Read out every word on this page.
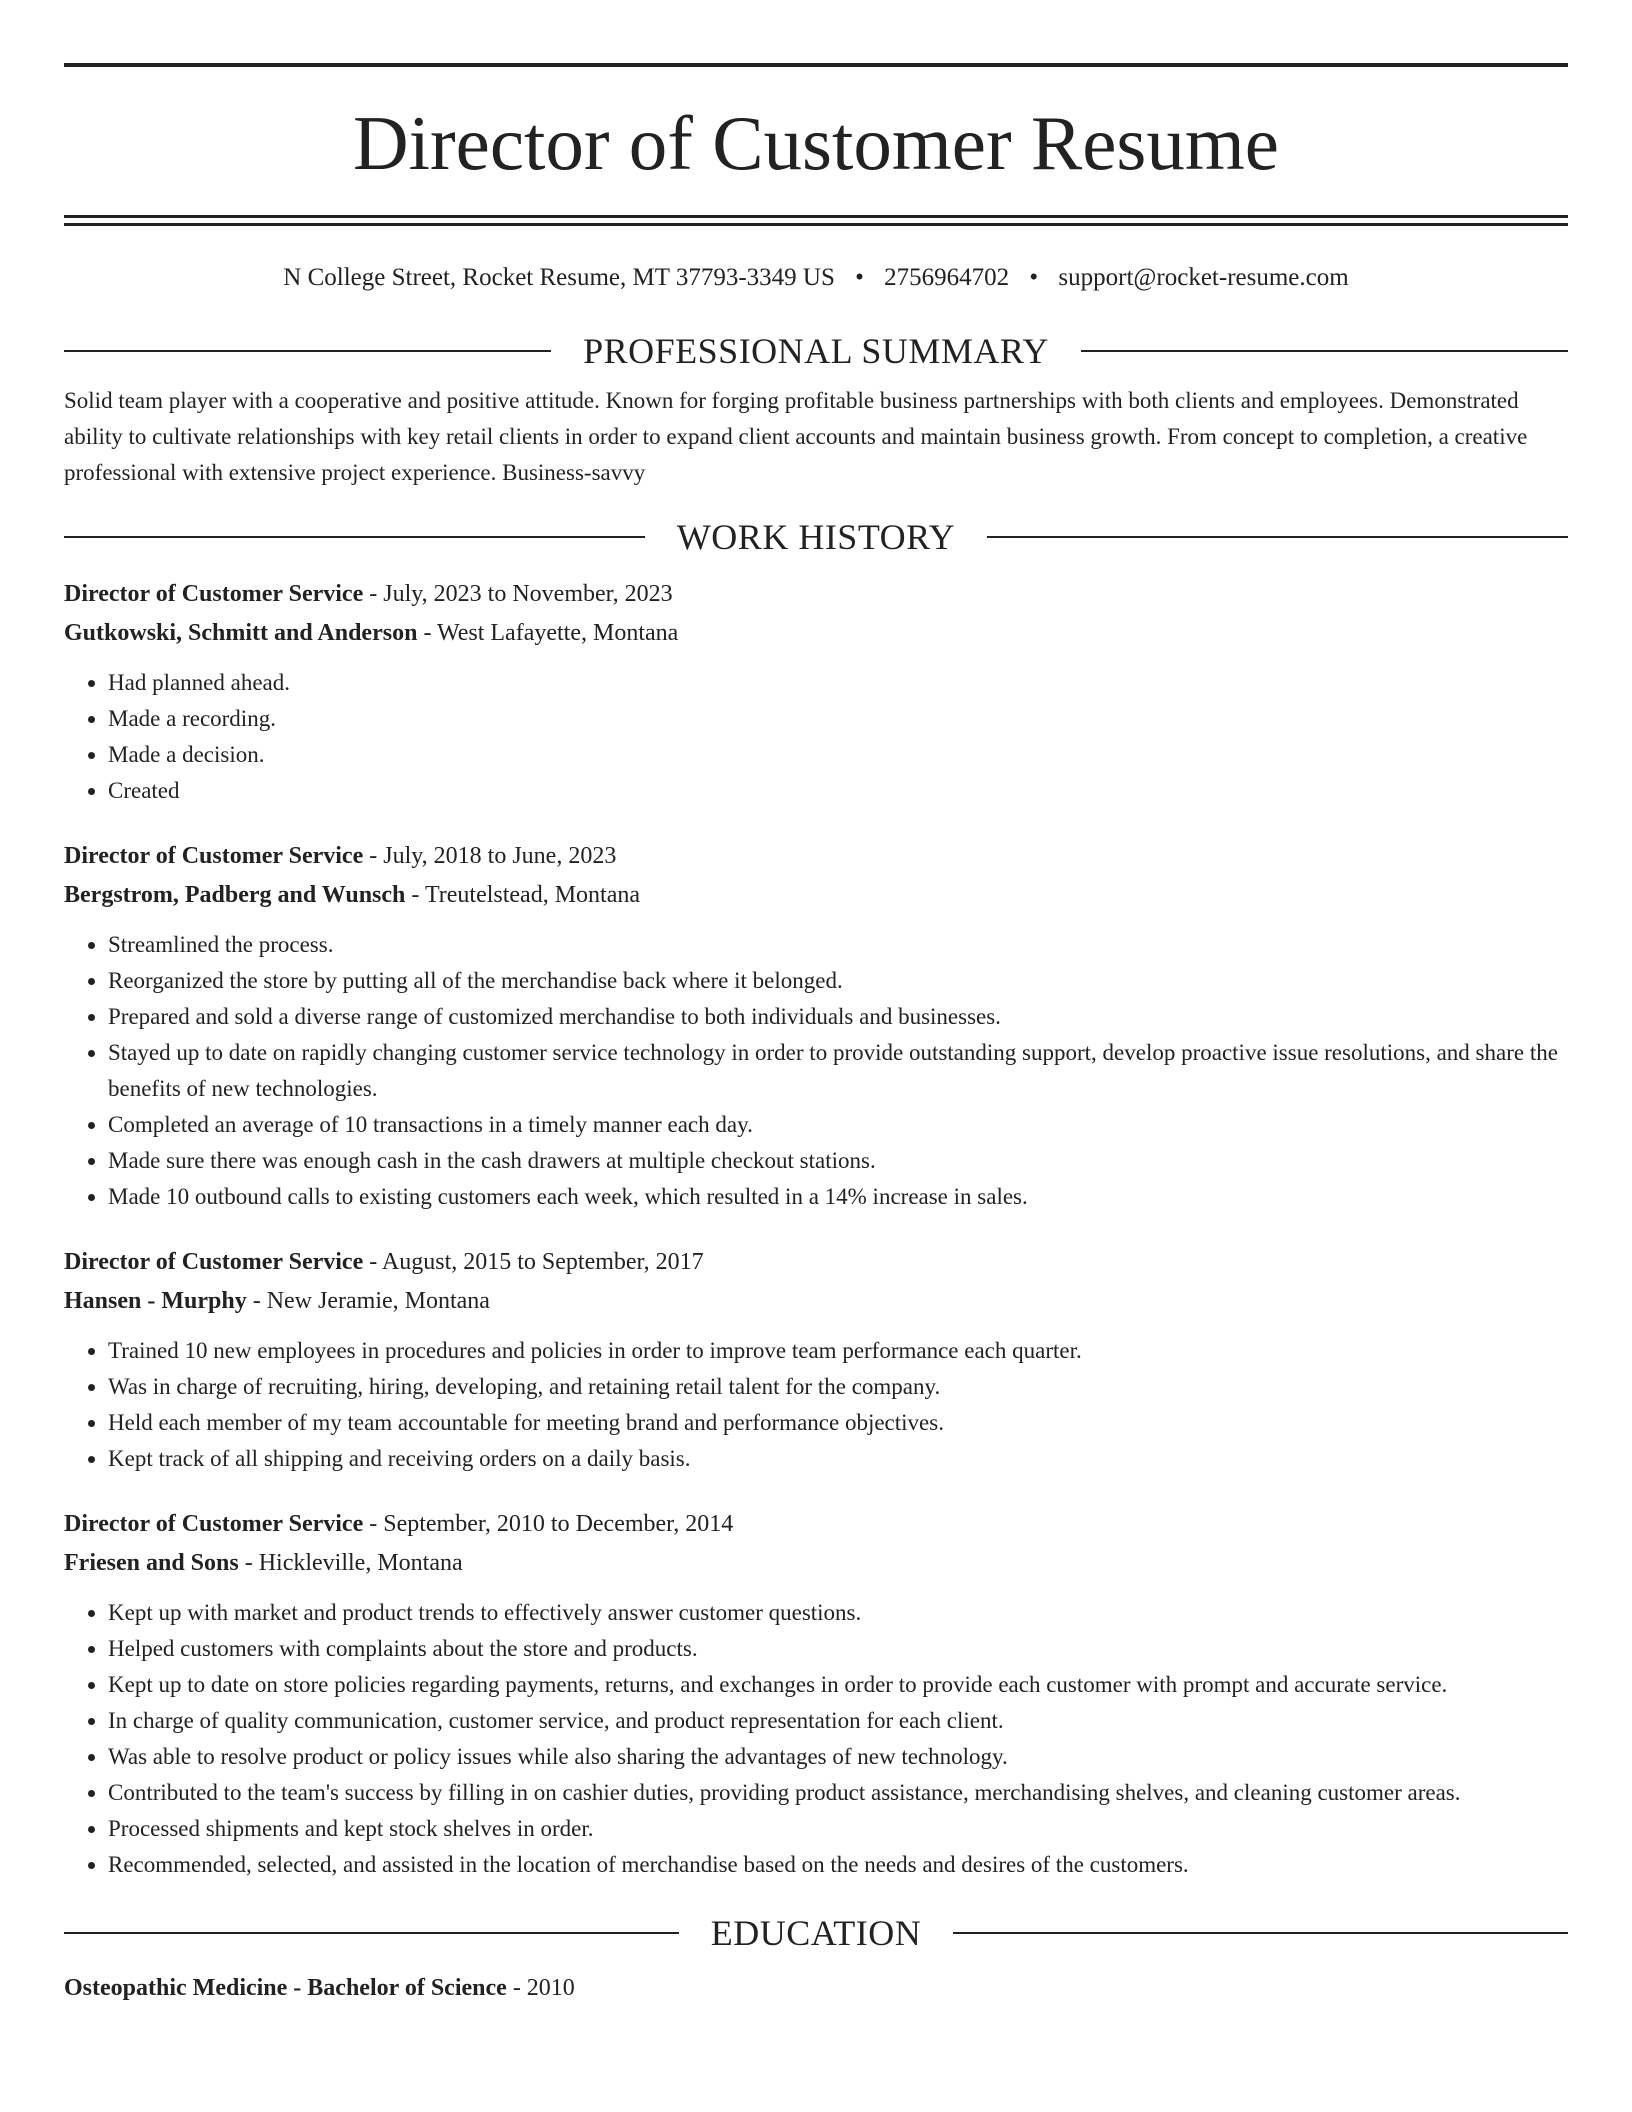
Director of Customer Resume
N College Street, Rocket Resume, MT 37793-3349 US • 2756964702 • support@rocket-resume.com
PROFESSIONAL SUMMARY
Solid team player with a cooperative and positive attitude. Known for forging profitable business partnerships with both clients and employees. Demonstrated ability to cultivate relationships with key retail clients in order to expand client accounts and maintain business growth. From concept to completion, a creative professional with extensive project experience. Business-savvy
WORK HISTORY
Director of Customer Service - July, 2023 to November, 2023
Gutkowski, Schmitt and Anderson - West Lafayette, Montana
• Had planned ahead.
• Made a recording.
• Made a decision.
• Created
Director of Customer Service - July, 2018 to June, 2023
Bergstrom, Padberg and Wunsch - Treutelstead, Montana
• Streamlined the process.
• Reorganized the store by putting all of the merchandise back where it belonged.
• Prepared and sold a diverse range of customized merchandise to both individuals and businesses.
• Stayed up to date on rapidly changing customer service technology in order to provide outstanding support, develop proactive issue resolutions, and share the benefits of new technologies.
• Completed an average of 10 transactions in a timely manner each day.
• Made sure there was enough cash in the cash drawers at multiple checkout stations.
• Made 10 outbound calls to existing customers each week, which resulted in a 14% increase in sales.
Director of Customer Service - August, 2015 to September, 2017
Hansen - Murphy - New Jeramie, Montana
• Trained 10 new employees in procedures and policies in order to improve team performance each quarter.
• Was in charge of recruiting, hiring, developing, and retaining retail talent for the company.
• Held each member of my team accountable for meeting brand and performance objectives.
• Kept track of all shipping and receiving orders on a daily basis.
Director of Customer Service - September, 2010 to December, 2014
Friesen and Sons - Hickleville, Montana
• Kept up with market and product trends to effectively answer customer questions.
• Helped customers with complaints about the store and products.
• Kept up to date on store policies regarding payments, returns, and exchanges in order to provide each customer with prompt and accurate service.
• In charge of quality communication, customer service, and product representation for each client.
• Was able to resolve product or policy issues while also sharing the advantages of new technology.
• Contributed to the team's success by filling in on cashier duties, providing product assistance, merchandising shelves, and cleaning customer areas.
• Processed shipments and kept stock shelves in order.
• Recommended, selected, and assisted in the location of merchandise based on the needs and desires of the customers.
EDUCATION
Osteopathic Medicine - Bachelor of Science - 2010
